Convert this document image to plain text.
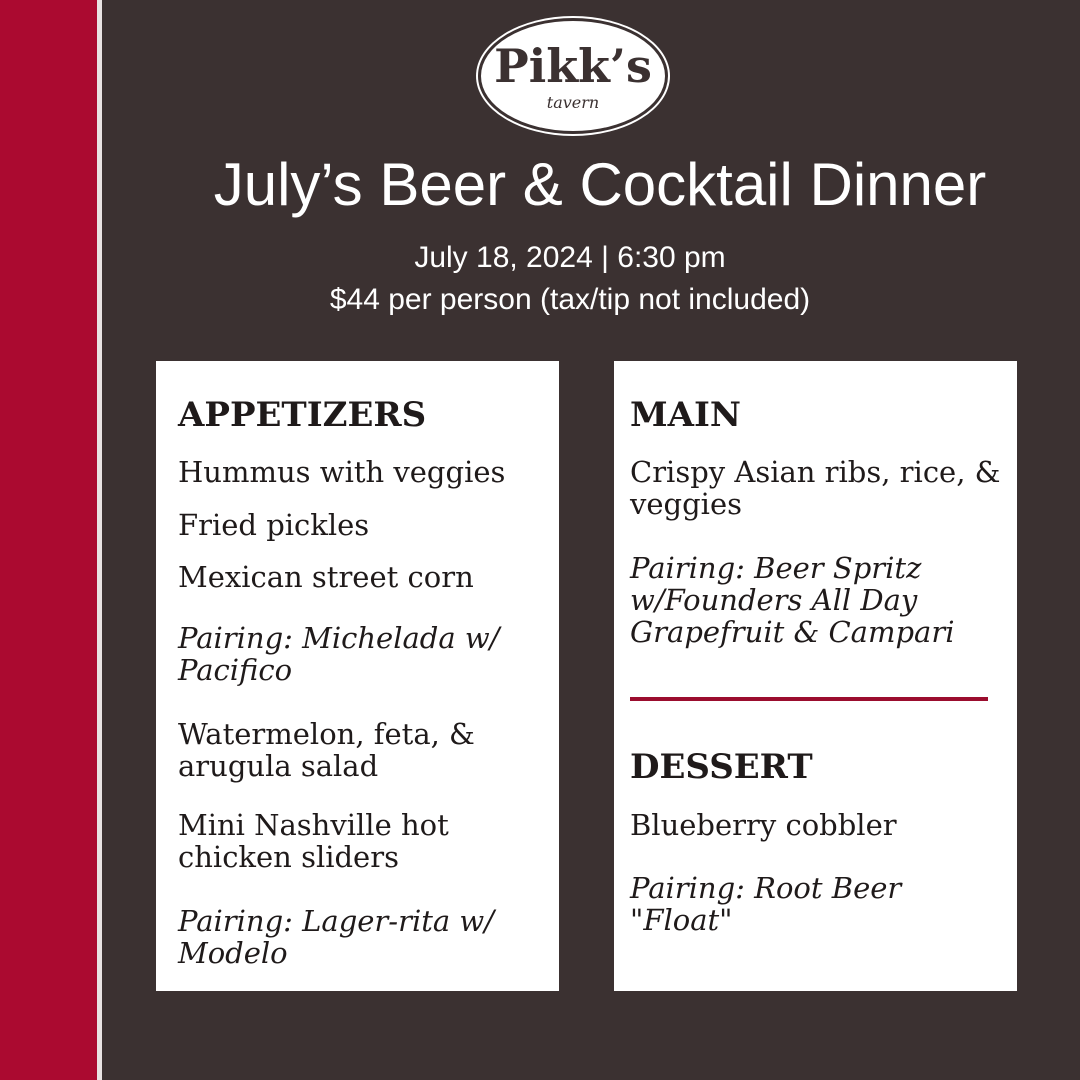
Pikk’s
tavern
July’s Beer & Cocktail Dinner
July 18, 2024 | 6:30 pm
$44 per person (tax/tip not included)
APPETIZERS
Hummus with veggies
Fried pickles
Mexican street corn
Pairing: Michelada w/ Pacifico
Watermelon, feta, & arugula salad
Mini Nashville hot chicken sliders
Pairing: Lager-rita w/ Modelo
MAIN
Crispy Asian ribs, rice, & veggies
Pairing: Beer Spritz w/Founders All Day Grapefruit & Campari
DESSERT
Blueberry cobbler
Pairing: Root Beer "Float"
